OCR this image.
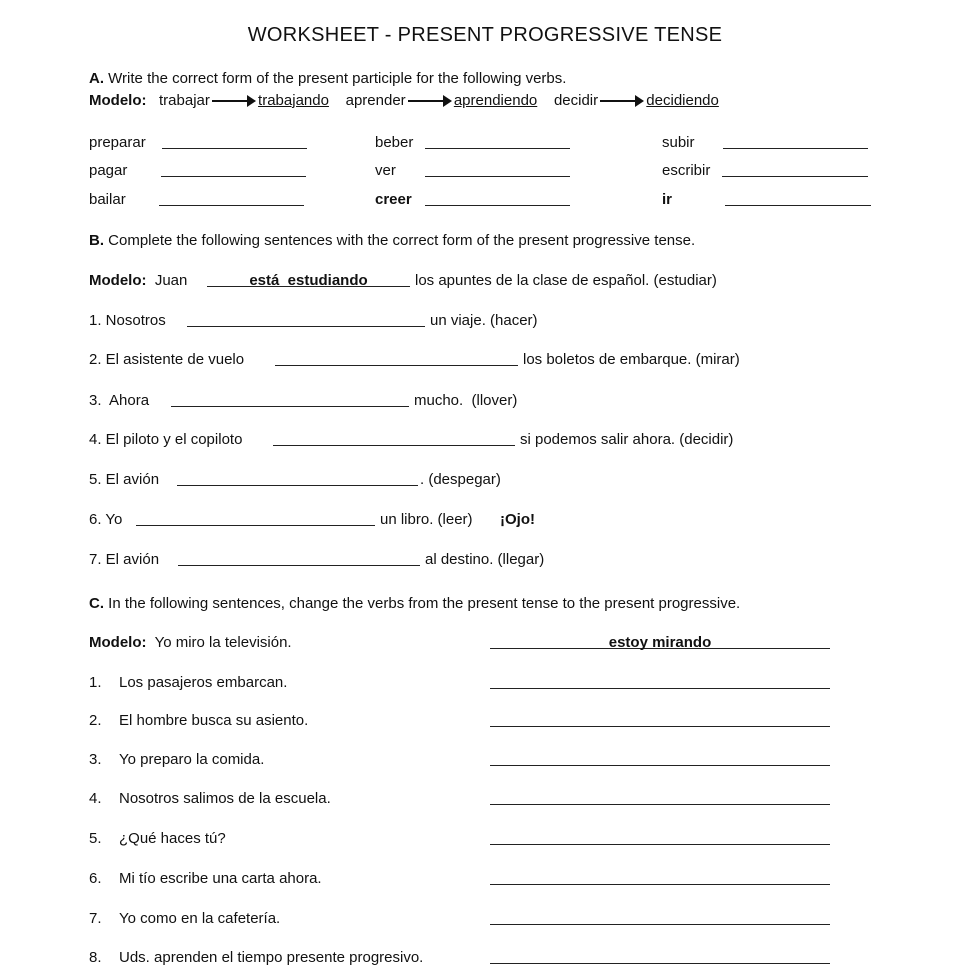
WORKSHEET - PRESENT PROGRESSIVE TENSE
A. Write the correct form of the present participle for the following verbs.
Modelo: trabajar	trabajando aprender	aprendiendo decidir	decidiendo
preparar	beber	subir
pagar	ver	escribir
bailar	creer	ir
B. Complete the following sentences with the correct form of the present progressive tense.
Modelo: Juan	está  estudiando	los apuntes de la clase de español. (estudiar)
1. Nosotros	un viaje. (hacer)
2. El asistente de vuelo	los boletos de embarque. (mirar)
3.  Ahora	mucho.  (llover)
4. El piloto y el copiloto	si podemos salir ahora. (decidir)
5. El avión	. (despegar)
6. Yo	un libro. (leer) ¡Ojo!
7. El avión	al destino. (llegar)
C. In the following sentences, change the verbs from the present tense to the present progressive.
Modelo: Yo miro la televisión.	estoy mirando
1. Los pasajeros embarcan.
2. El hombre busca su asiento.
3. Yo preparo la comida.
4. Nosotros salimos de la escuela.
5. ¿Qué haces tú?
6. Mi tío escribe una carta ahora.
7. Yo como en la cafetería.
8. Uds. aprenden el tiempo presente progresivo.
